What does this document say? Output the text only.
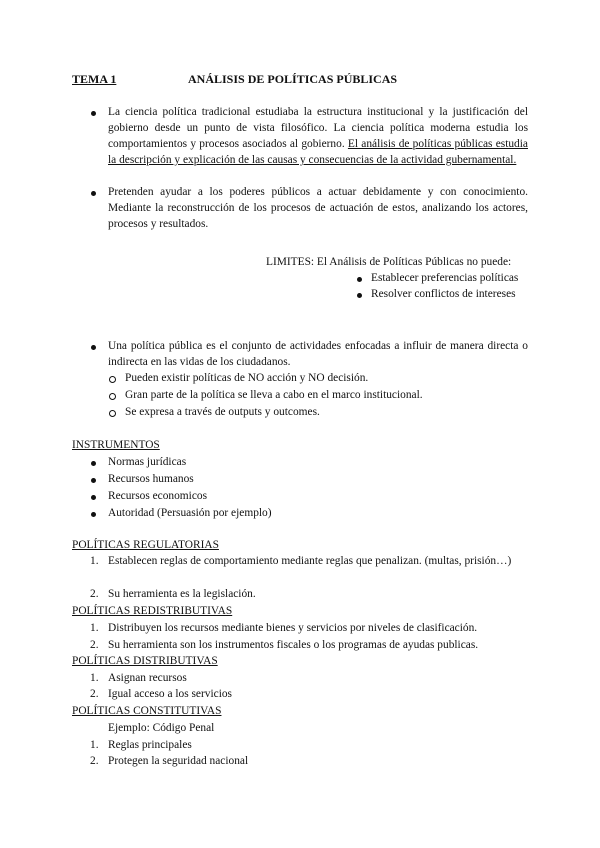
TEMA 1	ANÁLISIS DE POLÍTICAS PÚBLICAS
La ciencia política tradicional estudiaba la estructura institucional y la justificación del gobierno desde un punto de vista filosófico. La ciencia política moderna estudia los comportamientos y procesos asociados al gobierno. El análisis de políticas públicas estudia la descripción y explicación de las causas y consecuencias de la actividad gubernamental.
Pretenden ayudar a los poderes públicos a actuar debidamente y con conocimiento. Mediante la reconstrucción de los procesos de actuación de estos, analizando los actores, procesos y resultados.
LIMITES: El Análisis de Políticas Públicas no puede:
Establecer preferencias políticas
Resolver conflictos de intereses
Una política pública es el conjunto de actividades enfocadas a influir de manera directa o indirecta en las vidas de los ciudadanos.
Pueden existir políticas de NO acción y NO decisión.
Gran parte de la política se lleva a cabo en el marco institucional.
Se expresa a través de outputs y outcomes.
INSTRUMENTOS
Normas jurídicas
Recursos humanos
Recursos economicos
Autoridad (Persuasión por ejemplo)
POLÍTICAS REGULATORIAS
1. Establecen reglas de comportamiento mediante reglas que penalizan. (multas, prisión…)
2. Su herramienta es la legislación.
POLÍTICAS REDISTRIBUTIVAS
1. Distribuyen los recursos mediante bienes y servicios por niveles de clasificación.
2. Su herramienta son los instrumentos fiscales o los programas de ayudas publicas.
POLÍTICAS DISTRIBUTIVAS
1. Asignan recursos
2. Igual acceso a los servicios
POLÍTICAS CONSTITUTIVAS
Ejemplo: Código Penal
1. Reglas principales
2. Protegen la seguridad nacional
